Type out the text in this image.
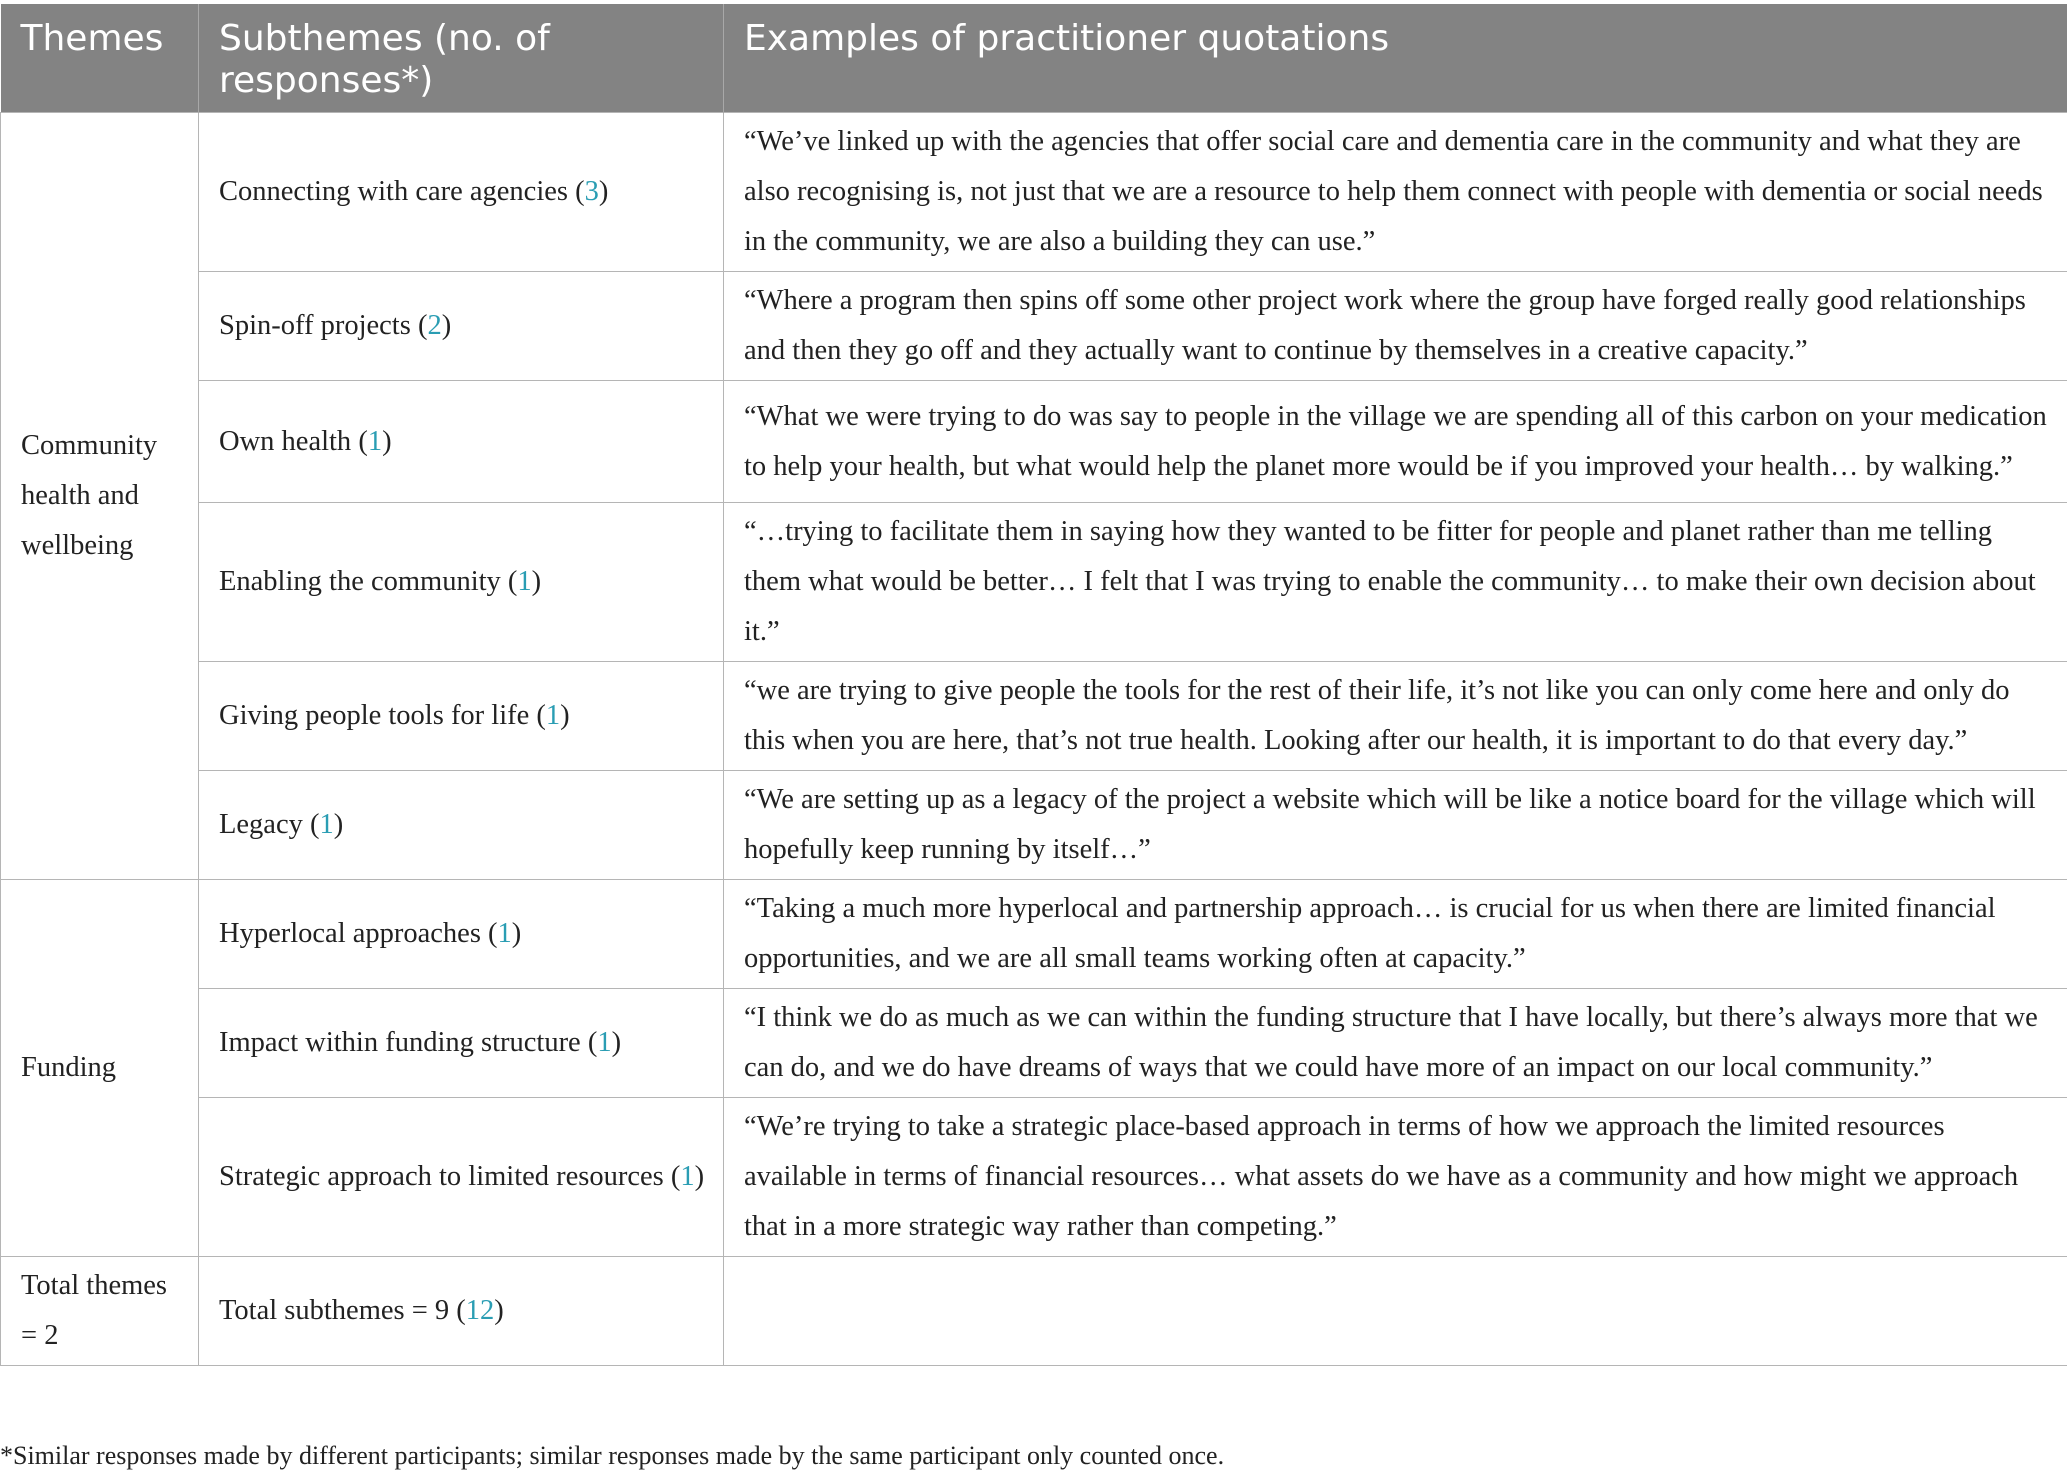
Themes	Subthemes (no. of responses*)	Examples of practitioner quotations
Community health and wellbeing	Connecting with care agencies (3)	“We’ve linked up with the agencies that offer social care and dementia care in the community and what they are also recognising is, not just that we are a resource to help them connect with people with dementia or social needs in the community, we are also a building they can use.”
	Spin-off projects (2)	“Where a program then spins off some other project work where the group have forged really good relationships and then they go off and they actually want to continue by themselves in a creative capacity.”
	Own health (1)	“What we were trying to do was say to people in the village we are spending all of this carbon on your medication to help your health, but what would help the planet more would be if you improved your health… by walking.”
	Enabling the community (1)	“…trying to facilitate them in saying how they wanted to be fitter for people and planet rather than me telling them what would be better… I felt that I was trying to enable the community… to make their own decision about it.”
	Giving people tools for life (1)	“we are trying to give people the tools for the rest of their life, it’s not like you can only come here and only do this when you are here, that’s not true health. Looking after our health, it is important to do that every day.”
	Legacy (1)	“We are setting up as a legacy of the project a website which will be like a notice board for the village which will hopefully keep running by itself…”
Funding	Hyperlocal approaches (1)	“Taking a much more hyperlocal and partnership approach… is crucial for us when there are limited financial opportunities, and we are all small teams working often at capacity.”
	Impact within funding structure (1)	“I think we do as much as we can within the funding structure that I have locally, but there’s always more that we can do, and we do have dreams of ways that we could have more of an impact on our local community.”
	Strategic approach to limited resources (1)	“We’re trying to take a strategic place-based approach in terms of how we approach the limited resources available in terms of financial resources… what assets do we have as a community and how might we approach that in a more strategic way rather than competing.”
Total themes = 2	Total subthemes = 9 (12)	
*Similar responses made by different participants; similar responses made by the same participant only counted once.
